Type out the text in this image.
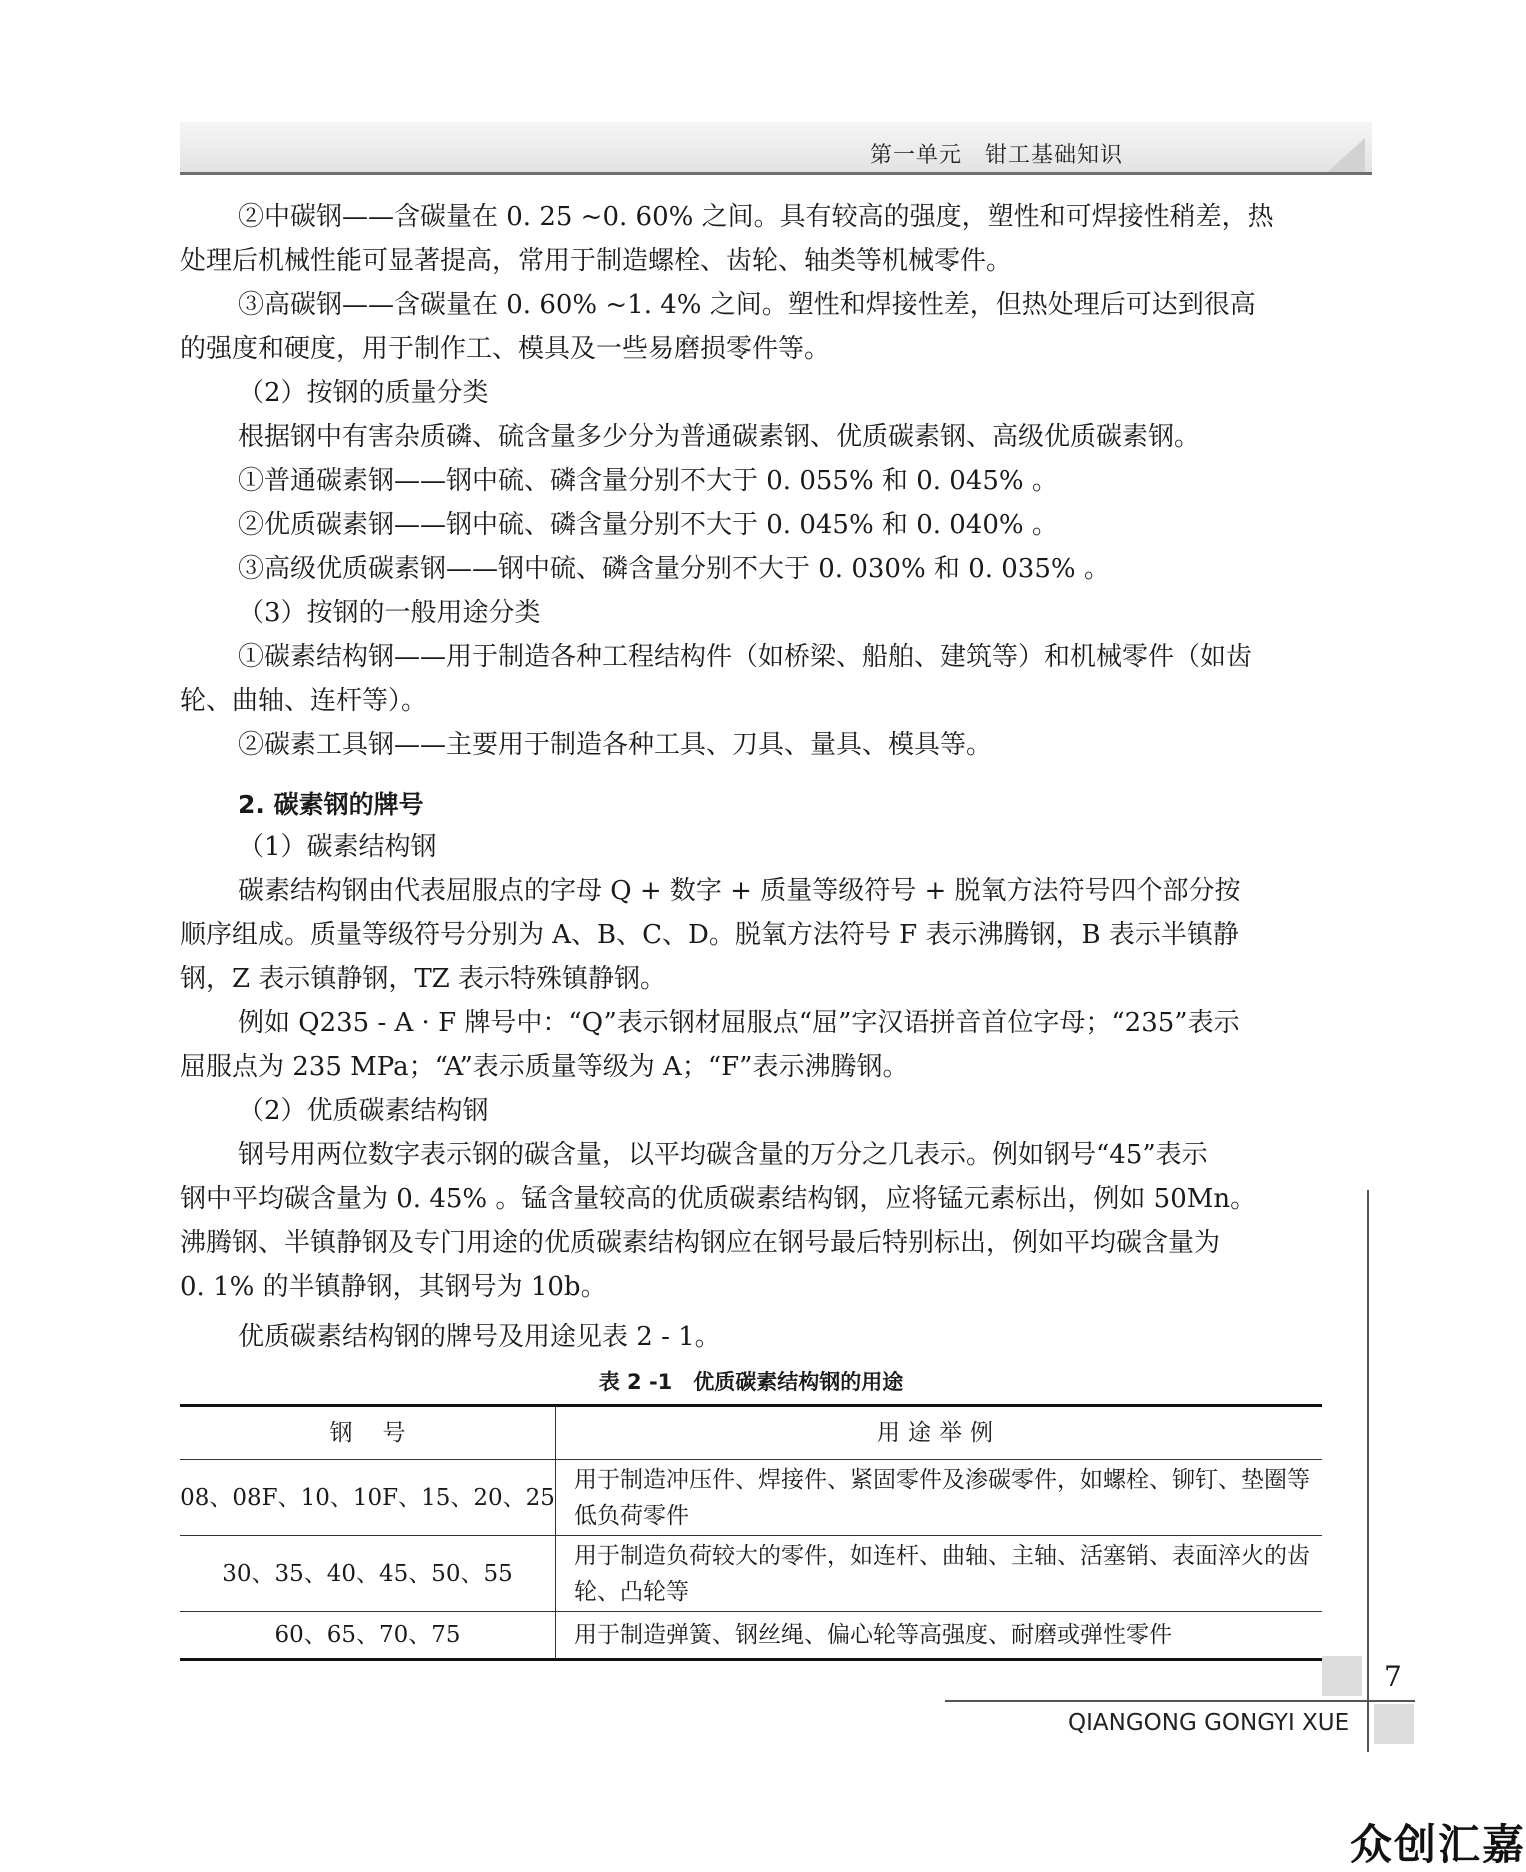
第一单元　钳工基础知识
②中碳钢——含碳量在 0. 25 ~0. 60% 之间。具有较高的强度，塑性和可焊接性稍差，热
处理后机械性能可显著提高，常用于制造螺栓、齿轮、轴类等机械零件。
③高碳钢——含碳量在 0. 60% ~1. 4% 之间。塑性和焊接性差，但热处理后可达到很高
的强度和硬度，用于制作工、模具及一些易磨损零件等。
（2）按钢的质量分类
根据钢中有害杂质磷、硫含量多少分为普通碳素钢、优质碳素钢、高级优质碳素钢。
①普通碳素钢——钢中硫、磷含量分别不大于 0. 055% 和 0. 045% 。
②优质碳素钢——钢中硫、磷含量分别不大于 0. 045% 和 0. 040% 。
③高级优质碳素钢——钢中硫、磷含量分别不大于 0. 030% 和 0. 035% 。
（3）按钢的一般用途分类
①碳素结构钢——用于制造各种工程结构件（如桥梁、船舶、建筑等）和机械零件（如齿
轮、曲轴、连杆等）。
②碳素工具钢——主要用于制造各种工具、刀具、量具、模具等。
2. 碳素钢的牌号
（1）碳素结构钢
碳素结构钢由代表屈服点的字母 Q + 数字 + 质量等级符号 + 脱氧方法符号四个部分按
顺序组成。质量等级符号分别为 A、B、C、D。脱氧方法符号 F 表示沸腾钢，B 表示半镇静
钢，Z 表示镇静钢，TZ 表示特殊镇静钢。
例如 Q235 - A · F 牌号中：“Q”表示钢材屈服点“屈”字汉语拼音首位字母；“235”表示
屈服点为 235 MPa；“A”表示质量等级为 A；“F”表示沸腾钢。
（2）优质碳素结构钢
钢号用两位数字表示钢的碳含量，以平均碳含量的万分之几表示。例如钢号“45”表示
钢中平均碳含量为 0. 45% 。锰含量较高的优质碳素结构钢，应将锰元素标出，例如 50Mn。
沸腾钢、半镇静钢及专门用途的优质碳素结构钢应在钢号最后特别标出，例如平均碳含量为
0. 1% 的半镇静钢，其钢号为 10b。
优质碳素结构钢的牌号及用途见表 2 - 1。
表 2 -1　优质碳素结构钢的用途
钢号	用途举例
08、08F、10、10F、15、20、25	用于制造冲压件、焊接件、紧固零件及渗碳零件，如螺栓、铆钉、垫圈等低负荷零件
30、35、40、45、50、55	用于制造负荷较大的零件，如连杆、曲轴、主轴、活塞销、表面淬火的齿轮、凸轮等
60、65、70、75	用于制造弹簧、钢丝绳、偏心轮等高强度、耐磨或弹性零件
7
QIANGONG GONGYI XUE
众创汇嘉
